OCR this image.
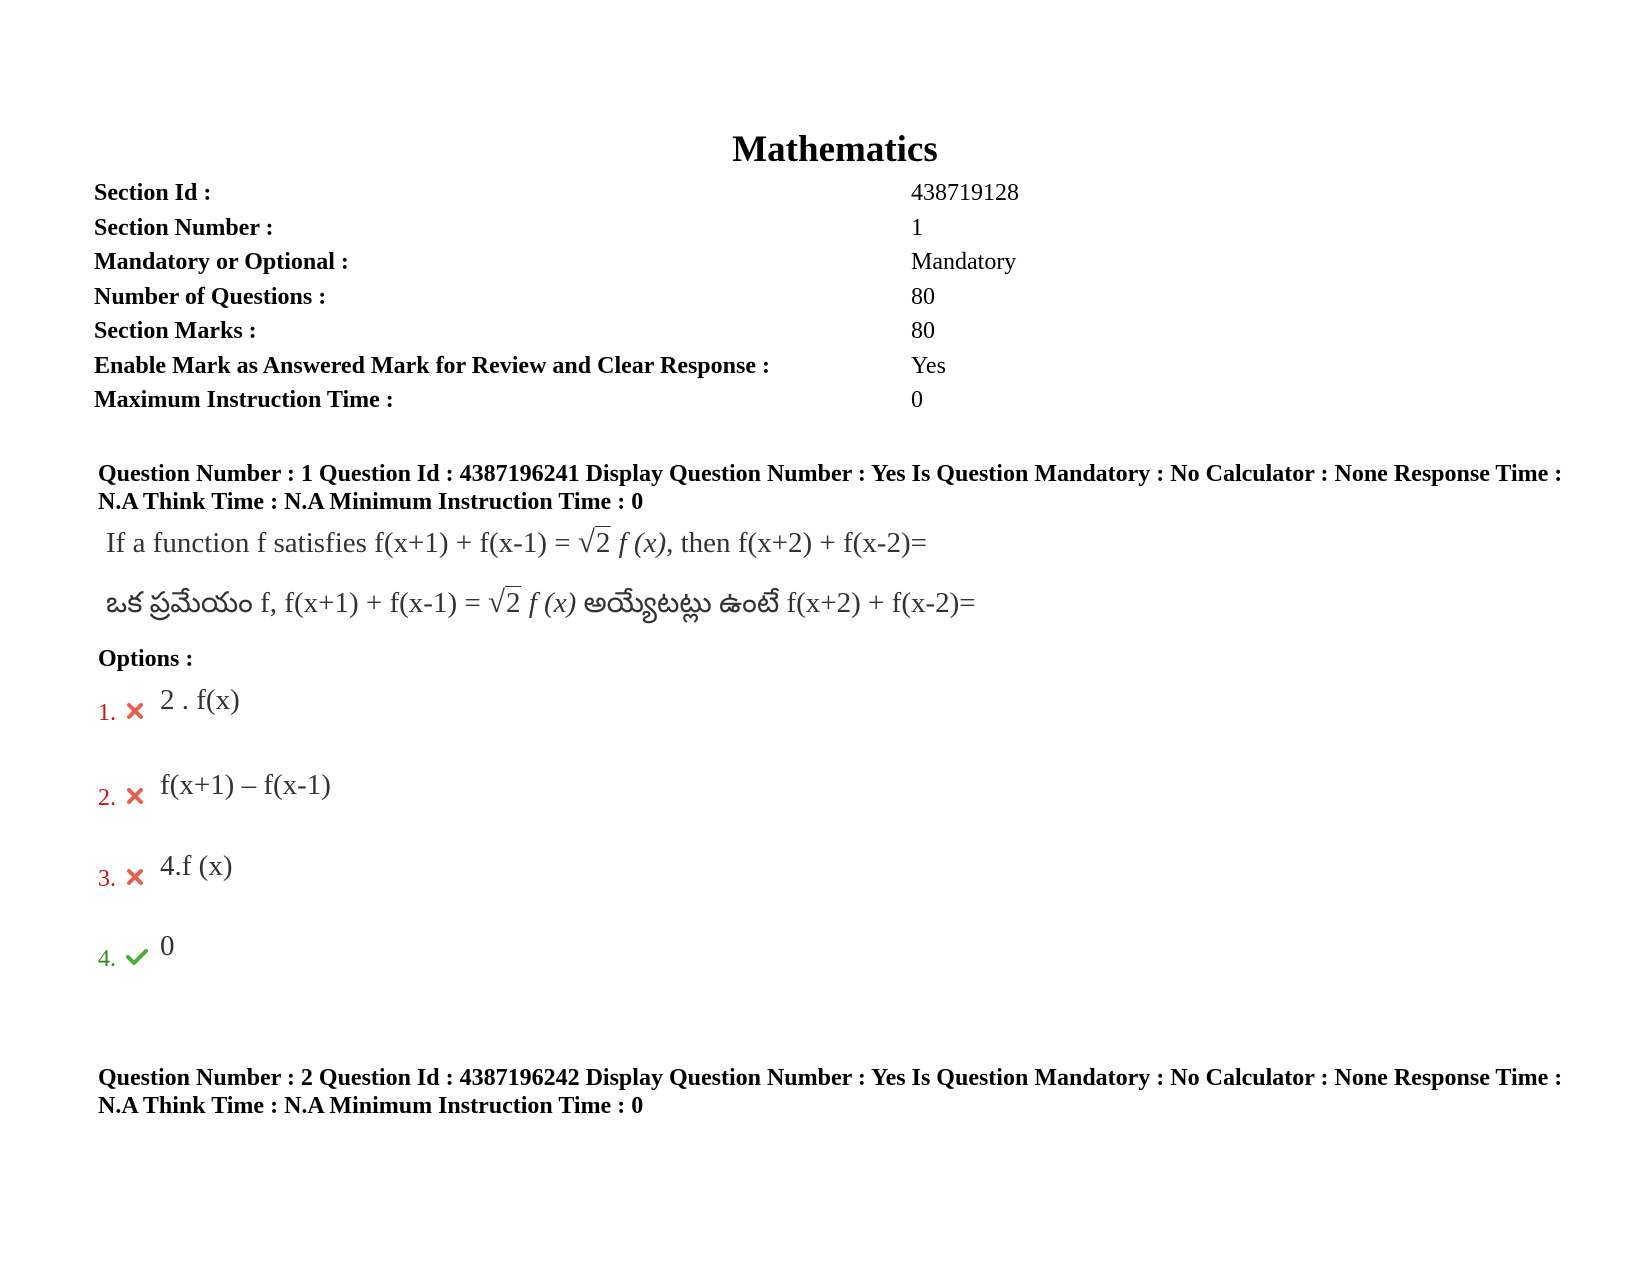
Mathematics
Section Id :	438719128
Section Number :	1
Mandatory or Optional :	Mandatory
Number of Questions :	80
Section Marks :	80
Enable Mark as Answered Mark for Review and Clear Response :	Yes
Maximum Instruction Time :	0
Question Number : 1 Question Id : 4387196241 Display Question Number : Yes Is Question Mandatory : No Calculator : None Response Time : N.A Think Time : N.A Minimum Instruction Time : 0
If a function f satisfies f(x+1) + f(x-1) = √2 f (x), then f(x+2) + f(x-2)=
ఒక ప్రమేయం f, f(x+1) + f(x-1) = √2 f (x) అయ్యేటట్లు ఉంటే f(x+2) + f(x-2)=
Options :
1. 2 . f(x)
2. f(x+1) – f(x-1)
3. 4.f (x)
4. 0
Question Number : 2 Question Id : 4387196242 Display Question Number : Yes Is Question Mandatory : No Calculator : None Response Time : N.A Think Time : N.A Minimum Instruction Time : 0
